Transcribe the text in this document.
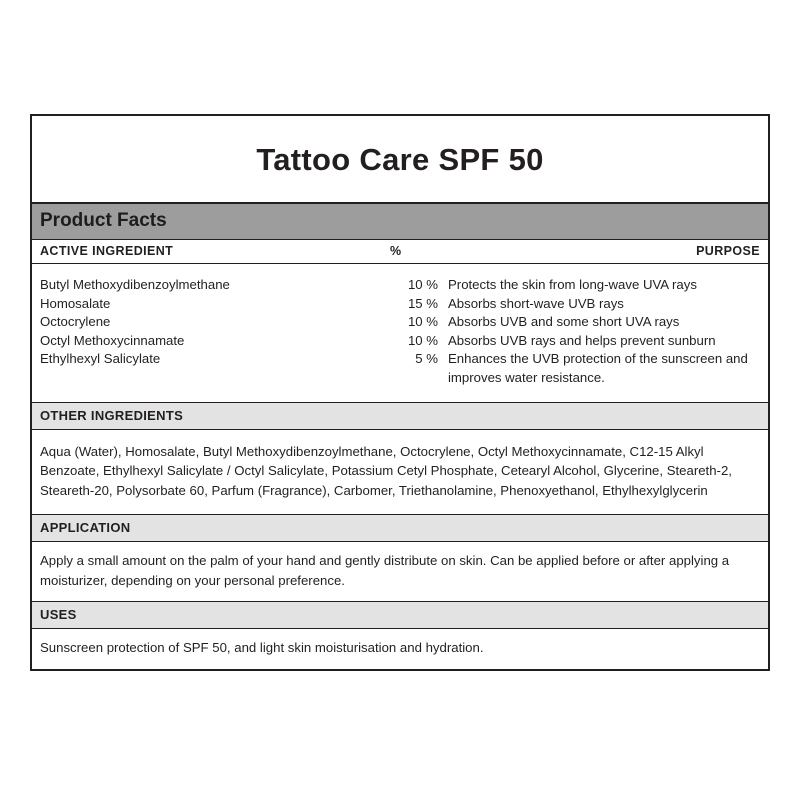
Tattoo Care SPF 50
Product Facts
ACTIVE INGREDIENT	%	PURPOSE
Butyl Methoxydibenzoylmethane	10 % Protects the skin from long-wave UVA rays
Homosalate	15 % Absorbs short-wave UVB rays
Octocrylene	10 % Absorbs UVB and some short UVA rays
Octyl Methoxycinnamate	10 % Absorbs UVB rays and helps prevent sunburn
Ethylhexyl Salicylate	5 % Enhances the UVB protection of the sunscreen and improves water resistance.
OTHER INGREDIENTS
Aqua (Water), Homosalate, Butyl Methoxydibenzoylmethane, Octocrylene, Octyl Methoxycinnamate, C12-15 Alkyl Benzoate, Ethylhexyl Salicylate / Octyl Salicylate, Potassium Cetyl Phosphate, Cetearyl Alcohol, Glycerine, Steareth-2, Steareth-20, Polysorbate 60, Parfum (Fragrance), Carbomer, Triethanolamine, Phenoxyethanol, Ethylhexylglycerin
APPLICATION
Apply a small amount on the palm of your hand and gently distribute on skin. Can be applied before or after applying a moisturizer, depending on your personal preference.
USES
Sunscreen protection of SPF 50, and light skin moisturisation and hydration.
